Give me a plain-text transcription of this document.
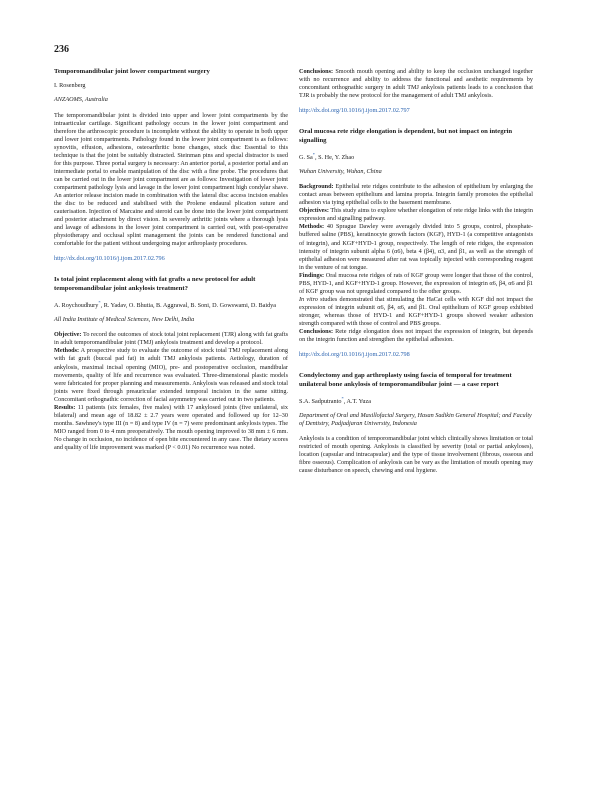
236

Temporomandibular joint lower compartment surgery

I. Rosenberg

ANZAOMS, Australia

The temporomandibular joint is divided into upper and lower joint compartments by the intraarticular cartilage. Significant pathology occurs in the lower joint compartment and therefore the arthroscopic procedure is incomplete without the ability to operate in both upper and lower joint compartments. Pathology found in the lower joint compartment is as follows: synovitis, effusion, adhesions, osteoarthritic bone changes, stuck disc Essential to this technique is that the joint be suitably distracted. Steinman pins and special distractor is used for this purpose. Three portal surgery is necessary: An anterior portal, a posterior portal and an intermediate portal to enable manipulation of the disc with a fine probe. The procedures that can be carried out in the lower joint compartment are as follows: Investigation of lower joint compartment pathology lysis and lavage in the lower joint compartment high condylar shave. An anterior release incision made in combination with the lateral disc access incision enables the disc to be reduced and stabilised with the Prolene endaural plication suture and cauterisation. Injection of Marcaine and steroid can be done into the lower joint compartment and posterior attachment by direct vision. In severely arthritic joints where a thorough lysis and lavage of adhesions in the lower joint compartment is carried out, with post-operative physiotherapy and occlusal splint management the joints can be rendered functional and comfortable for the patient without undergoing major arthroplasty procedures.

http://dx.doi.org/10.1016/j.ijom.2017.02.796

Is total joint replacement along with fat grafts a new protocol for adult temporomandibular joint ankylosis treatment?

A. Roychoudhury*, R. Yadav, O. Bhutia, B. Aggrawal, B. Soni, D. Gowswami, D. Baidya

All India Institute of Medical Sciences, New Delhi, India

Objective: To record the outcomes of stock total joint replacement (TJR) along with fat grafts in adult temporomandibular joint (TMJ) ankylosis treatment and develop a protocol.

Methods: A prospective study to evaluate the outcome of stock total TMJ replacement along with fat graft (buccal pad fat) in adult TMJ ankylosis patients. Aetiology, duration of ankylosis, maximal incisal opening (MIO), pre- and postoperative occlusion, mandibular movements, quality of life and recurrence was evaluated. Three-dimensional plastic models were fabricated for proper planning and measurements. Ankylosis was released and stock total joints were fixed through preauricular extended temporal incision in the same sitting. Concomitant orthognathic correction of facial asymmetry was carried out in two patients.

Results: 11 patients (six females, five males) with 17 ankylosed joints (five unilateral, six bilateral) and mean age of 18.82 ± 2.7 years were operated and followed up for 12–30 months. Sawhney's type III (n = 8) and type IV (n = 7) were predominant ankylosis types. The MIO ranged from 0 to 4 mm preoperatively. The mouth opening improved to 38 mm ± 6 mm. No change in occlusion, no incidence of open bite encountered in any case. The dietary scores and quality of life improvement was marked (P < 0.01) No recurrence was noted.

Conclusions: Smooth mouth opening and ability to keep the occlusion unchanged together with no recurrence and ability to address the functional and aesthetic requirements by concomitant orthognathic surgery in adult TMJ ankylosis patients leads to a conclusion that TJR is probably the new protocol for the management of adult TMJ ankylosis.

http://dx.doi.org/10.1016/j.ijom.2017.02.797

Oral mucosa rete ridge elongation is dependent, but not impact on integrin signalling

G. Sa*, S. He, Y. Zhao

Wuhan University, Wuhan, China

Background: Epithelial rete ridges contribute to the adhesion of epithelium by enlarging the contact areas between epithelium and lamina propria. Integrin family promotes the epithelial adhesion via tying epithelial cells to the basement membrane.

Objectives: This study aims to explore whether elongation of rete ridge links with the integrin expression and signalling pathway.

Methods: 40 Sprague Dawley were averagely divided into 5 groups, control, phosphate-buffered saline (PBS), keratinocyte growth factors (KGF), HYD-1 (a competitive antagonists of integrin), and KGF+HYD-1 group, respectively. The length of rete ridges, the expression intensity of integrin subunit alpha 6 (α6), beta 4 (β4), α3, and β1, as well as the strength of epithelial adhesion were measured after rat was topically injected with corresponding reagent in the venture of rat tongue.

Findings: Oral mucosa rete ridges of rats of KGF group were longer that those of the control, PBS, HYD-1, and KGF+HYD-1 group. However, the expression of integrin α6, β4, α6 and β1 of KGF group was not upregulated compared to the other groups.

In vitro studies demonstrated that stimulating the HaCat cells with KGF did not impact the expression of integrin subunit α6, β4, α6, and β1. Oral epithelium of KGF group exhibited stronger, whereas those of HYD-1 and KGF+HYD-1 groups showed weaker adhesion strength compared with those of control and PBS groups.

Conclusions: Rete ridge elongation does not impact the expression of integrin, but depends on the integrin function and strengthen the epithelial adhesion.

http://dx.doi.org/10.1016/j.ijom.2017.02.798

Condylectomy and gap arthroplasty using fascia of temporal for treatment unilateral bone ankylosis of temporomandibular joint — a case report

S.A. Sadputranto*, A.T. Yuza

Department of Oral and Maxillofacial Surgery, Hasan Sadikin General Hospital; and Faculty of Dentistry, Padjadjaran University, Indonesia

Ankylosis is a condition of temporomandibular joint which clinically shows limitation or total restricted of mouth opening. Ankylosis is classified by severity (total or partial ankyloses), location (capsular and intracapsular) and the type of tissue involvement (fibrous, osseous and fibre osseous). Complication of ankylosis can be vary as the limitation of mouth opening may cause disturbance on speech, chewing and oral hygiene.
